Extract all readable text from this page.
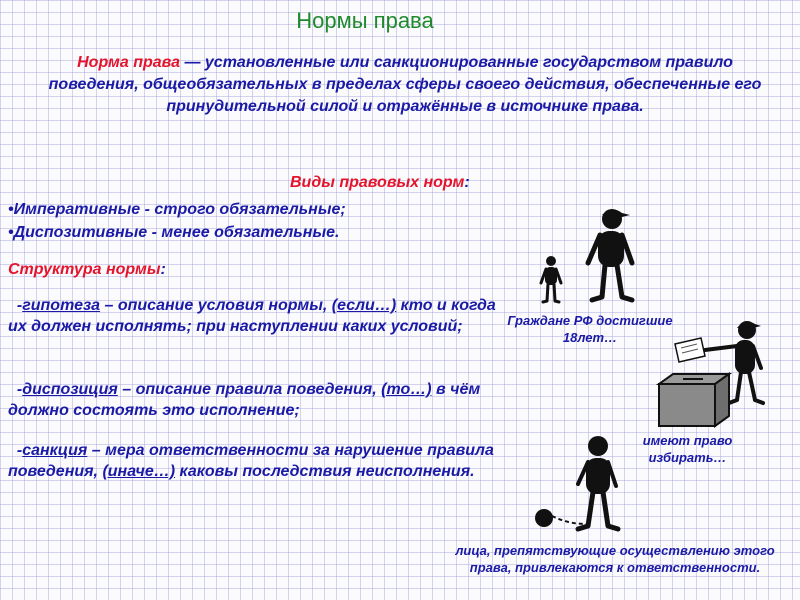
Нормы права
Норма права — установленные или санкционированные государством правило поведения, общеобязательных в пределах сферы своего действия, обеспеченные его принудительной силой и отражённые в источнике права.
Виды правовых норм:
•Императивные - строго обязательные;
•Диспозитивные - менее обязательные.
Структура нормы:
-гипотеза – описание условия нормы, (если…) кто и когда их должен исполнять; при наступлении каких условий;
-диспозиция – описание правила поведения, (то…) в чём должно состоять это исполнение;
-санкция – мера ответственности за нарушение правила поведения, (иначе…) каковы последствия неисполнения.
Граждане РФ достигшие 18лет…
имеют право избирать…
лица, препятствующие осуществлению этого права, привлекаются к ответственности.
